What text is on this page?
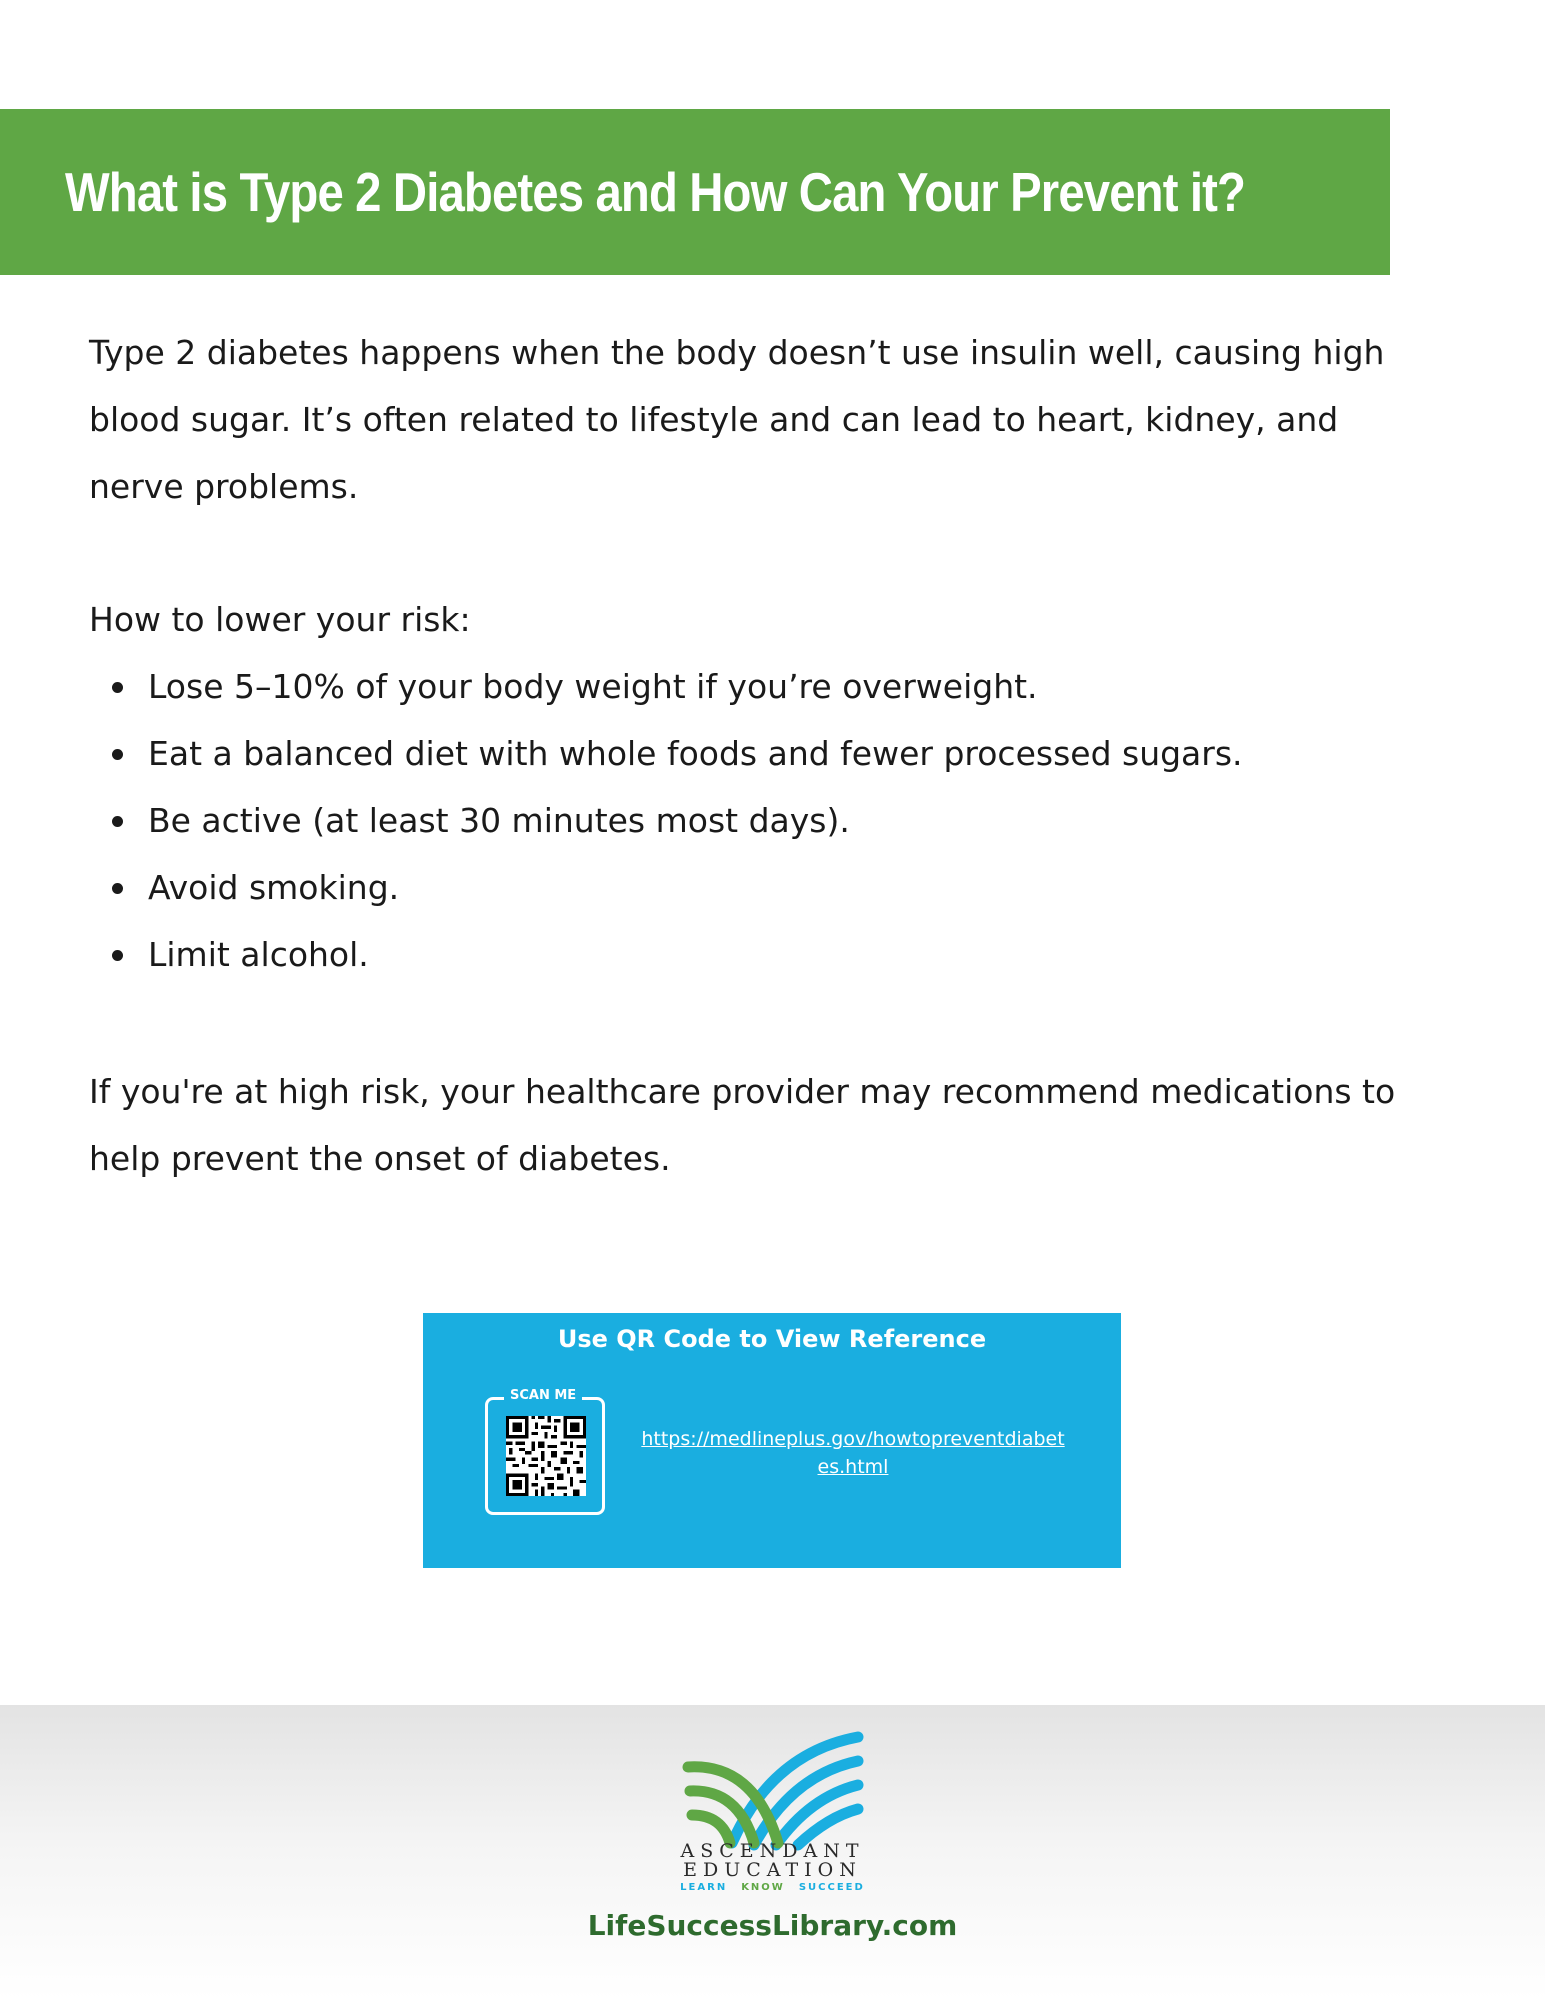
What is Type 2 Diabetes and How Can Your Prevent it?

Type 2 diabetes happens when the body doesn’t use insulin well, causing high blood sugar. It’s often related to lifestyle and can lead to heart, kidney, and nerve problems.

How to lower your risk:

Lose 5–10% of your body weight if you’re overweight.
Eat a balanced diet with whole foods and fewer processed sugars.
Be active (at least 30 minutes most days).
Avoid smoking.
Limit alcohol.

If you're at high risk, your healthcare provider may recommend medications to help prevent the onset of diabetes.

Use QR Code to View Reference
SCAN ME
https://medlineplus.gov/howtopreventdiabetes.html
ASCENDANT
EDUCATION
LEARN KNOW SUCCEED
LifeSuccessLibrary.com
